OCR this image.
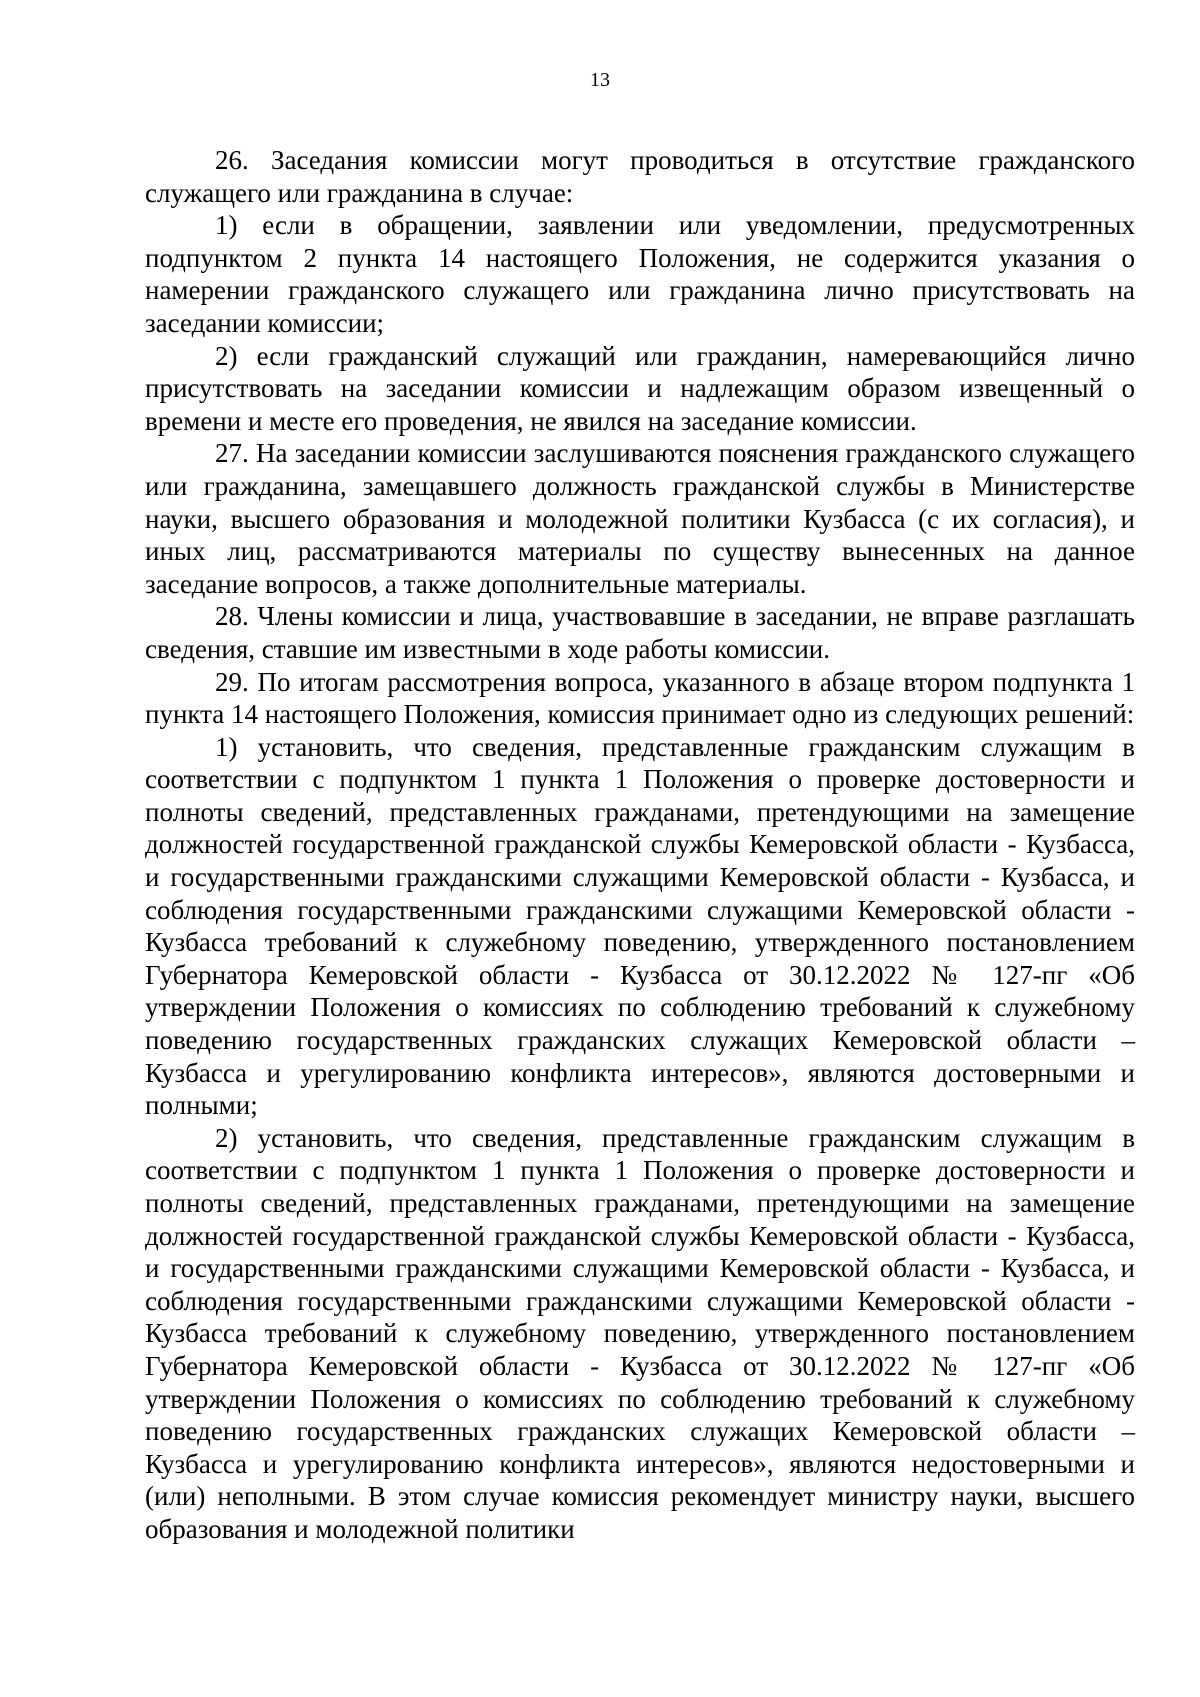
13

26. Заседания комиссии могут проводиться в отсутствие гражданского служащего или гражданина в случае:

1) если в обращении, заявлении или уведомлении, предусмотренных подпунктом 2 пункта 14 настоящего Положения, не содержится указания о намерении гражданского служащего или гражданина лично присутствовать на заседании комиссии;

2) если гражданский служащий или гражданин, намеревающийся лично присутствовать на заседании комиссии и надлежащим образом извещенный о времени и месте его проведения, не явился на заседание комиссии.

27. На заседании комиссии заслушиваются пояснения гражданского служащего или гражданина, замещавшего должность гражданской службы в Министерстве науки, высшего образования и молодежной политики Кузбасса (с их согласия), и иных лиц, рассматриваются материалы по существу вынесенных на данное заседание вопросов, а также дополнительные материалы.

28. Члены комиссии и лица, участвовавшие в заседании, не вправе разглашать сведения, ставшие им известными в ходе работы комиссии.

29. По итогам рассмотрения вопроса, указанного в абзаце втором подпункта 1 пункта 14 настоящего Положения, комиссия принимает одно из следующих решений:

1) установить, что сведения, представленные гражданским служащим в соответствии с подпунктом 1 пункта 1 Положения о проверке достоверности и полноты сведений, представленных гражданами, претендующими на замещение должностей государственной гражданской службы Кемеровской области - Кузбасса, и государственными гражданскими служащими Кемеровской области - Кузбасса, и соблюдения государственными гражданскими служащими Кемеровской области - Кузбасса требований к служебному поведению, утвержденного постановлением Губернатора Кемеровской области - Кузбасса от 30.12.2022 № 127-пг «Об утверждении Положения о комиссиях по соблюдению требований к служебному поведению государственных гражданских служащих Кемеровской области – Кузбасса и урегулированию конфликта интересов», являются достоверными и полными;

2) установить, что сведения, представленные гражданским служащим в соответствии с подпунктом 1 пункта 1 Положения о проверке достоверности и полноты сведений, представленных гражданами, претендующими на замещение должностей государственной гражданской службы Кемеровской области - Кузбасса, и государственными гражданскими служащими Кемеровской области - Кузбасса, и соблюдения государственными гражданскими служащими Кемеровской области - Кузбасса требований к служебному поведению, утвержденного постановлением Губернатора Кемеровской области - Кузбасса от 30.12.2022 № 127-пг «Об утверждении Положения о комиссиях по соблюдению требований к служебному поведению государственных гражданских служащих Кемеровской области – Кузбасса и урегулированию конфликта интересов», являются недостоверными и (или) неполными. В этом случае комиссия рекомендует министру науки, высшего образования и молодежной политики
